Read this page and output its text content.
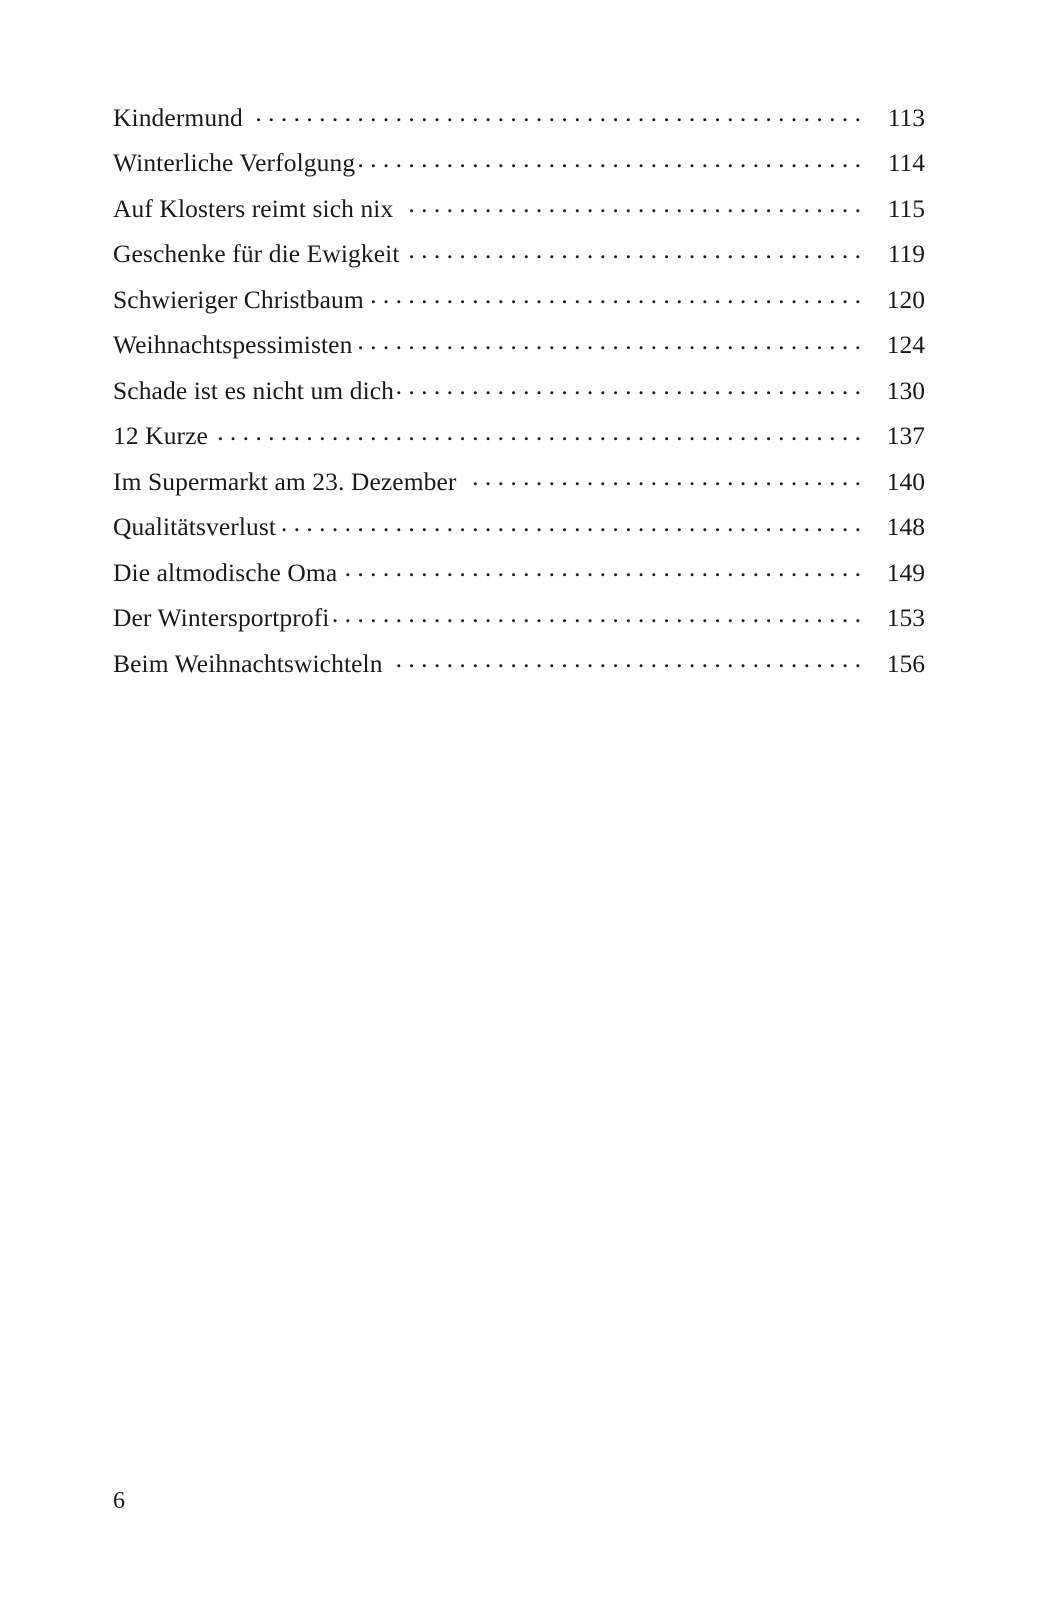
Kindermund . . .	113
Winterliche Verfolgung . . .	114
Auf Klosters reimt sich nix . . .	115
Geschenke für die Ewigkeit . . .	119
Schwieriger Christbaum . . .	120
Weihnachtspessimisten . . .	124
Schade ist es nicht um dich . . .	130
12 Kurze . . .	137
Im Supermarkt am 23. Dezember . . .	140
Qualitätsverlust . . .	148
Die altmodische Oma . . .	149
Der Wintersportprofi . . .	153
Beim Weihnachtswichteln . . .	156
6
